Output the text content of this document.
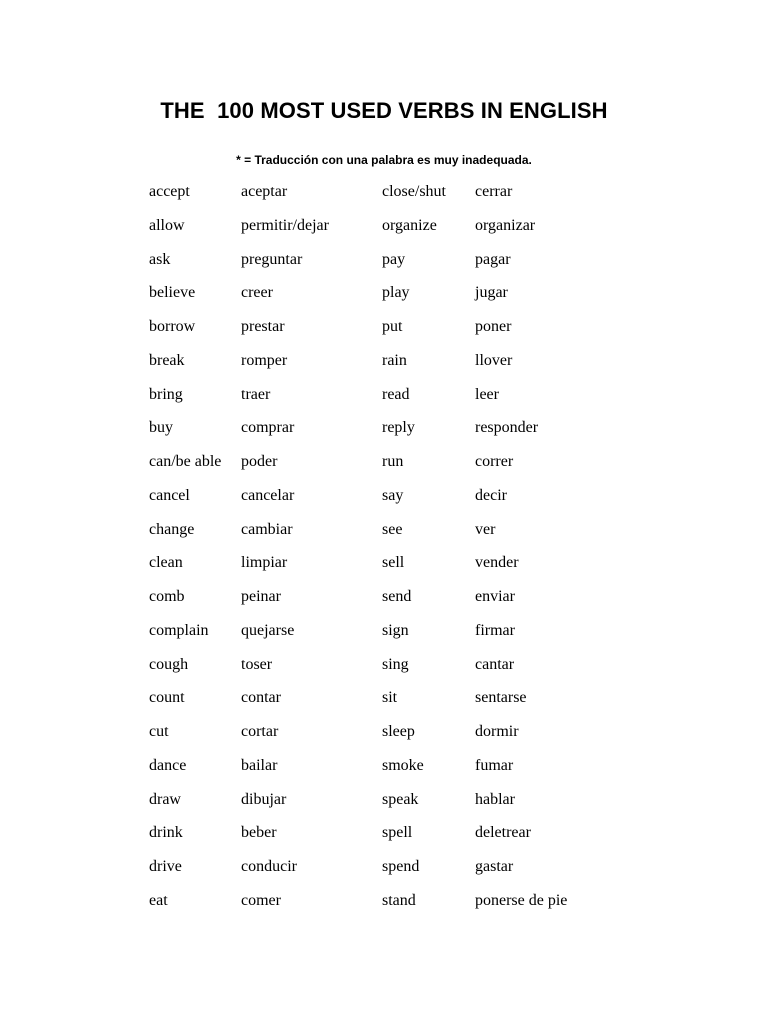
THE  100 MOST USED VERBS IN ENGLISH
* = Traducción con una palabra es muy inadequada.
accept	aceptar	close/shut cerrar
allow	permitir/dejar	organize organizar
ask	preguntar	pay	pagar
believe	creer	play	jugar
borrow	prestar	put	poner
break	romper	rain	llover
bring	traer	read	leer
buy	comprar	reply	responder
can/be able poder	run	correr
cancel	cancelar	say	decir
change	cambiar	see	ver
clean	limpiar	sell	vender
comb	peinar	send	enviar
complain quejarse	sign	firmar
cough	toser	sing	cantar
count	contar	sit	sentarse
cut	cortar	sleep	dormir
dance	bailar	smoke	fumar
draw	dibujar	speak	hablar
drink	beber	spell	deletrear
drive	conducir	spend	gastar
eat	comer	stand	ponerse de pie
